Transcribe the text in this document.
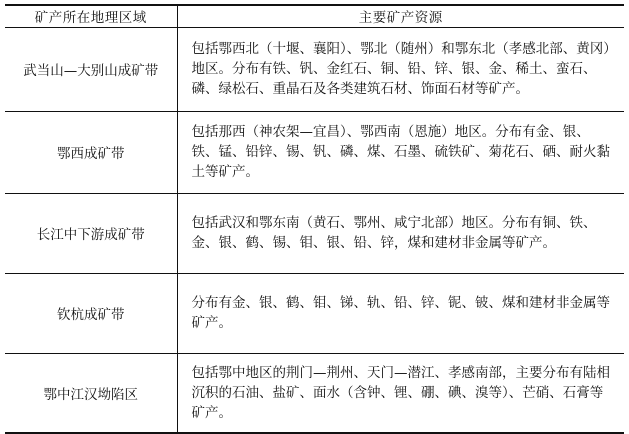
矿产所在地理区域	主要矿产资源
武当山—大别山成矿带	包括鄂西北（十堰、襄阳）、鄂北（随州）和鄂东北（孝感北部、黄冈）地区。分布有铁、钒、金红石、铜、铅、锌、银、金、稀土、蛮石、磷、绿松石、重晶石及各类建筑石材、饰面石材等矿产。
鄂西成矿带	包括那西（神农架—宜昌）、鄂西南（恩施）地区。分布有金、银、铁、锰、铅锌、锡、钒、磷、煤、石墨、硫铁矿、菊花石、硒、耐火黏土等矿产。
长江中下游成矿带	包括武汉和鄂东南（黄石、鄂州、咸宁北部）地区。分布有铜、铁、金、银、鹤、锡、钼、银、铅、锌，煤和建材非金属等矿产。
钦杭成矿带	分布有金、银、鹤、钼、锑、轨、铅、锌、铌、铍、煤和建材非金属等矿产。
鄂中江汉坳陷区	包括鄂中地区的荆门—荆州、天门—潜江、孝感南部，主要分布有陆相沉积的石油、盐矿、面水（含钟、锂、硼、碘、溴等）、芒硝、石膏等矿产。
